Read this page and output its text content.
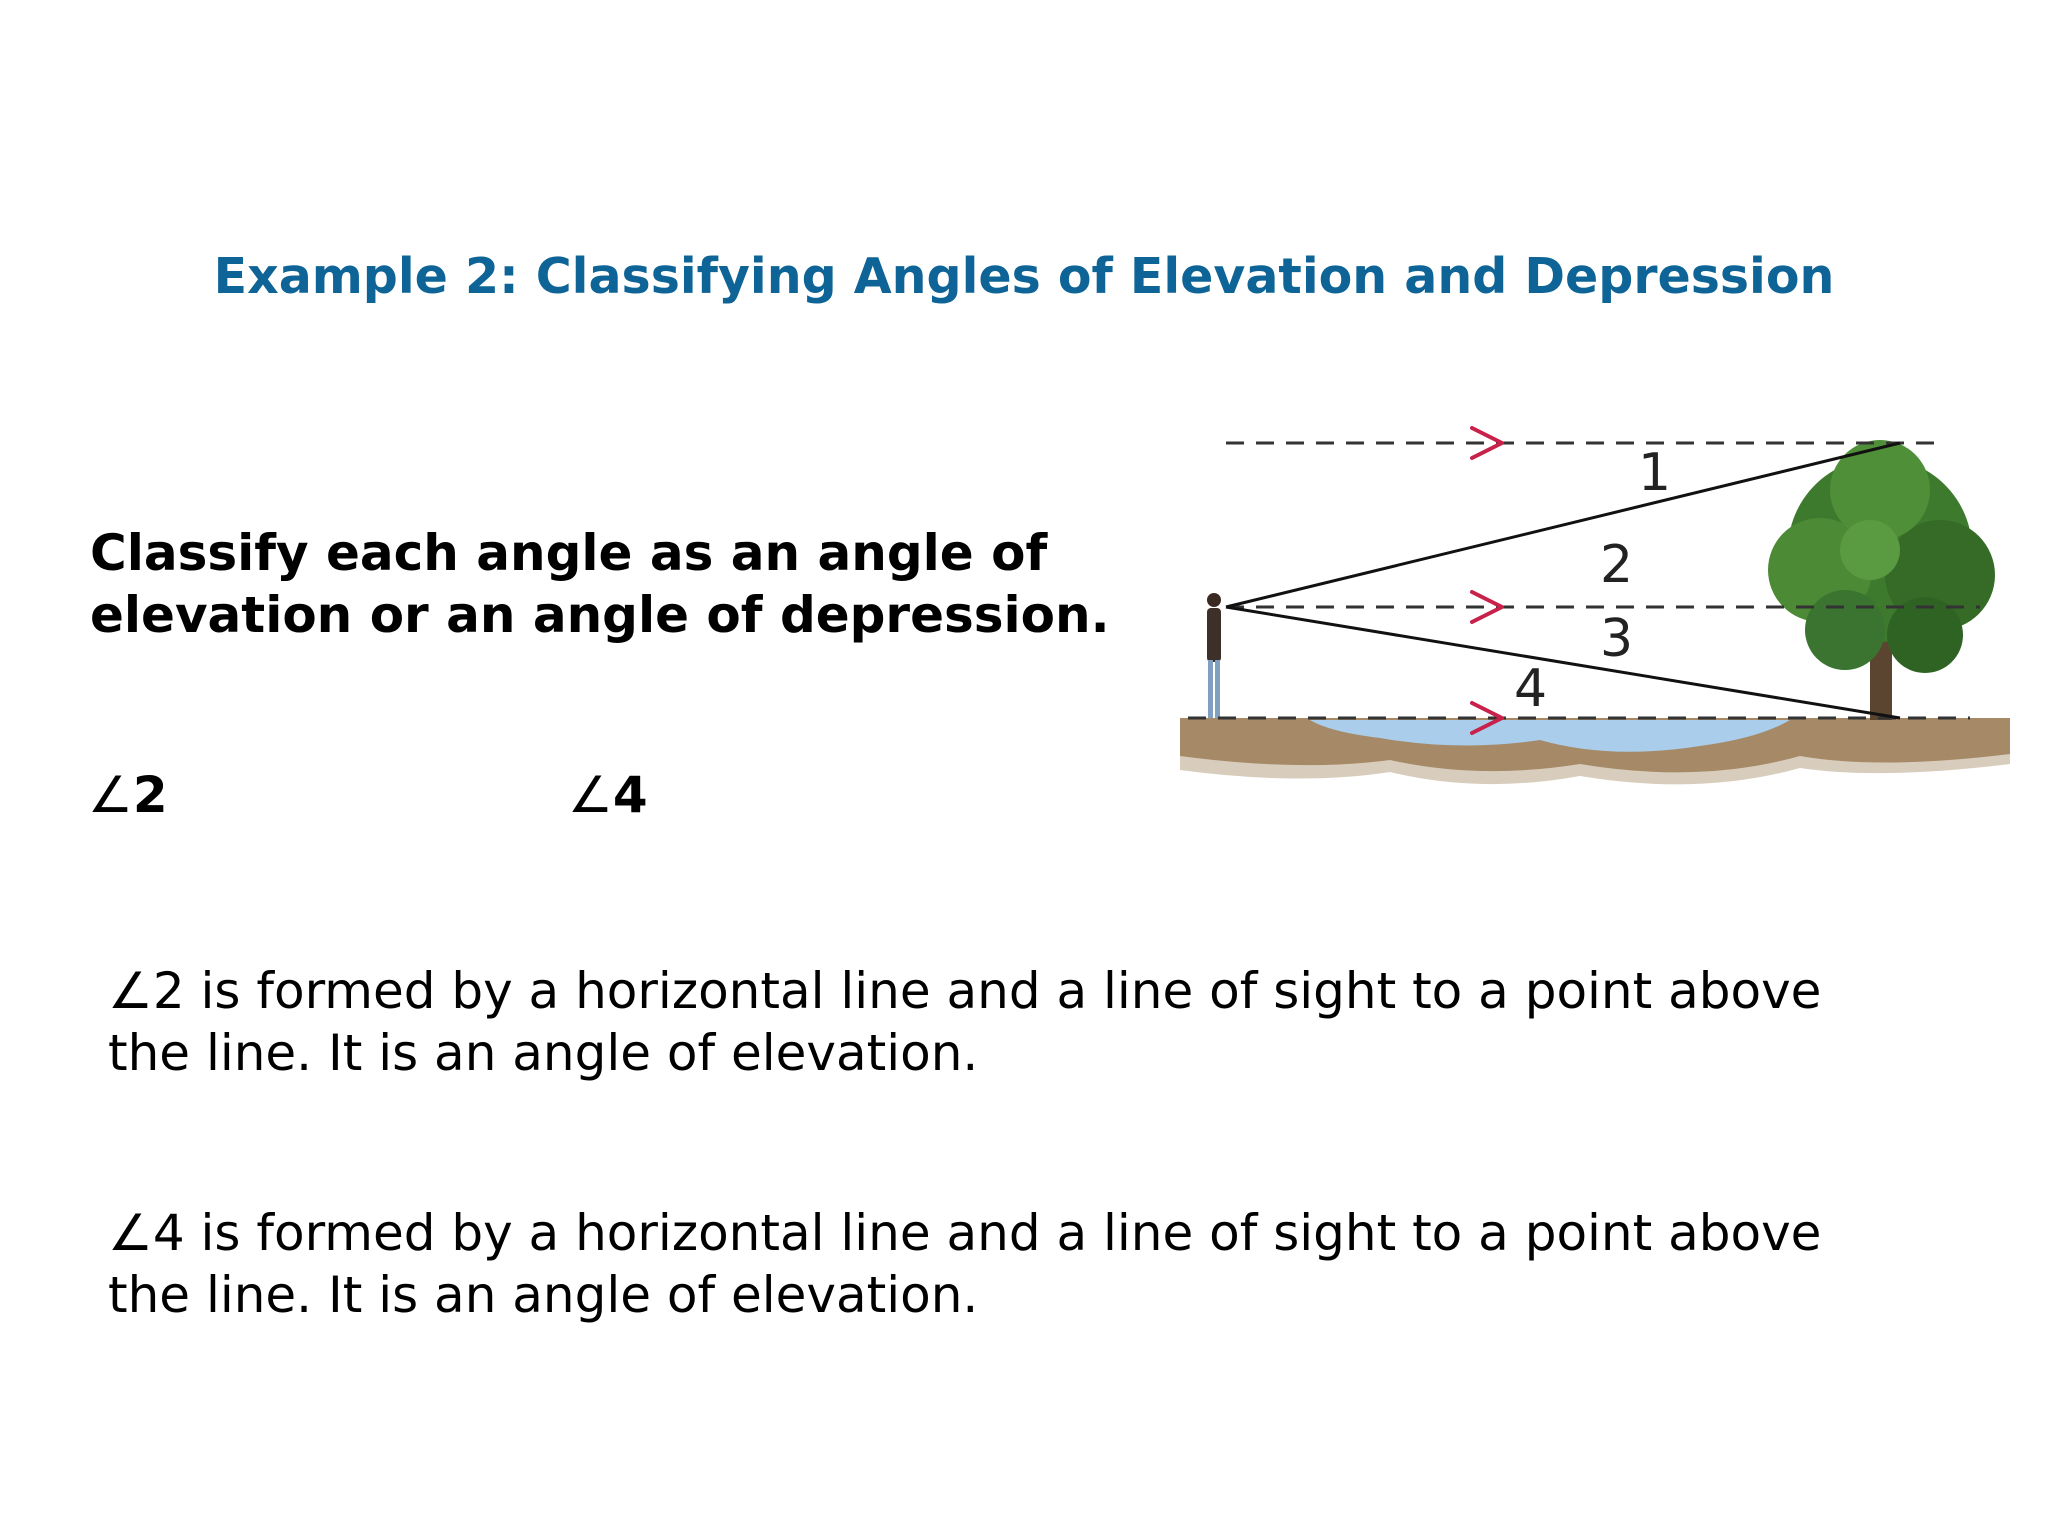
Example 2: Classifying Angles of Elevation and Depression
Classify each angle as an angle of
elevation or an angle of depression.
∠2	∠4
∠2 is formed by a horizontal line and a line of sight to a point above
the line. It is an angle of elevation.
∠4 is formed by a horizontal line and a line of sight to a point above
the line. It is an angle of elevation.
1
2
3
4
